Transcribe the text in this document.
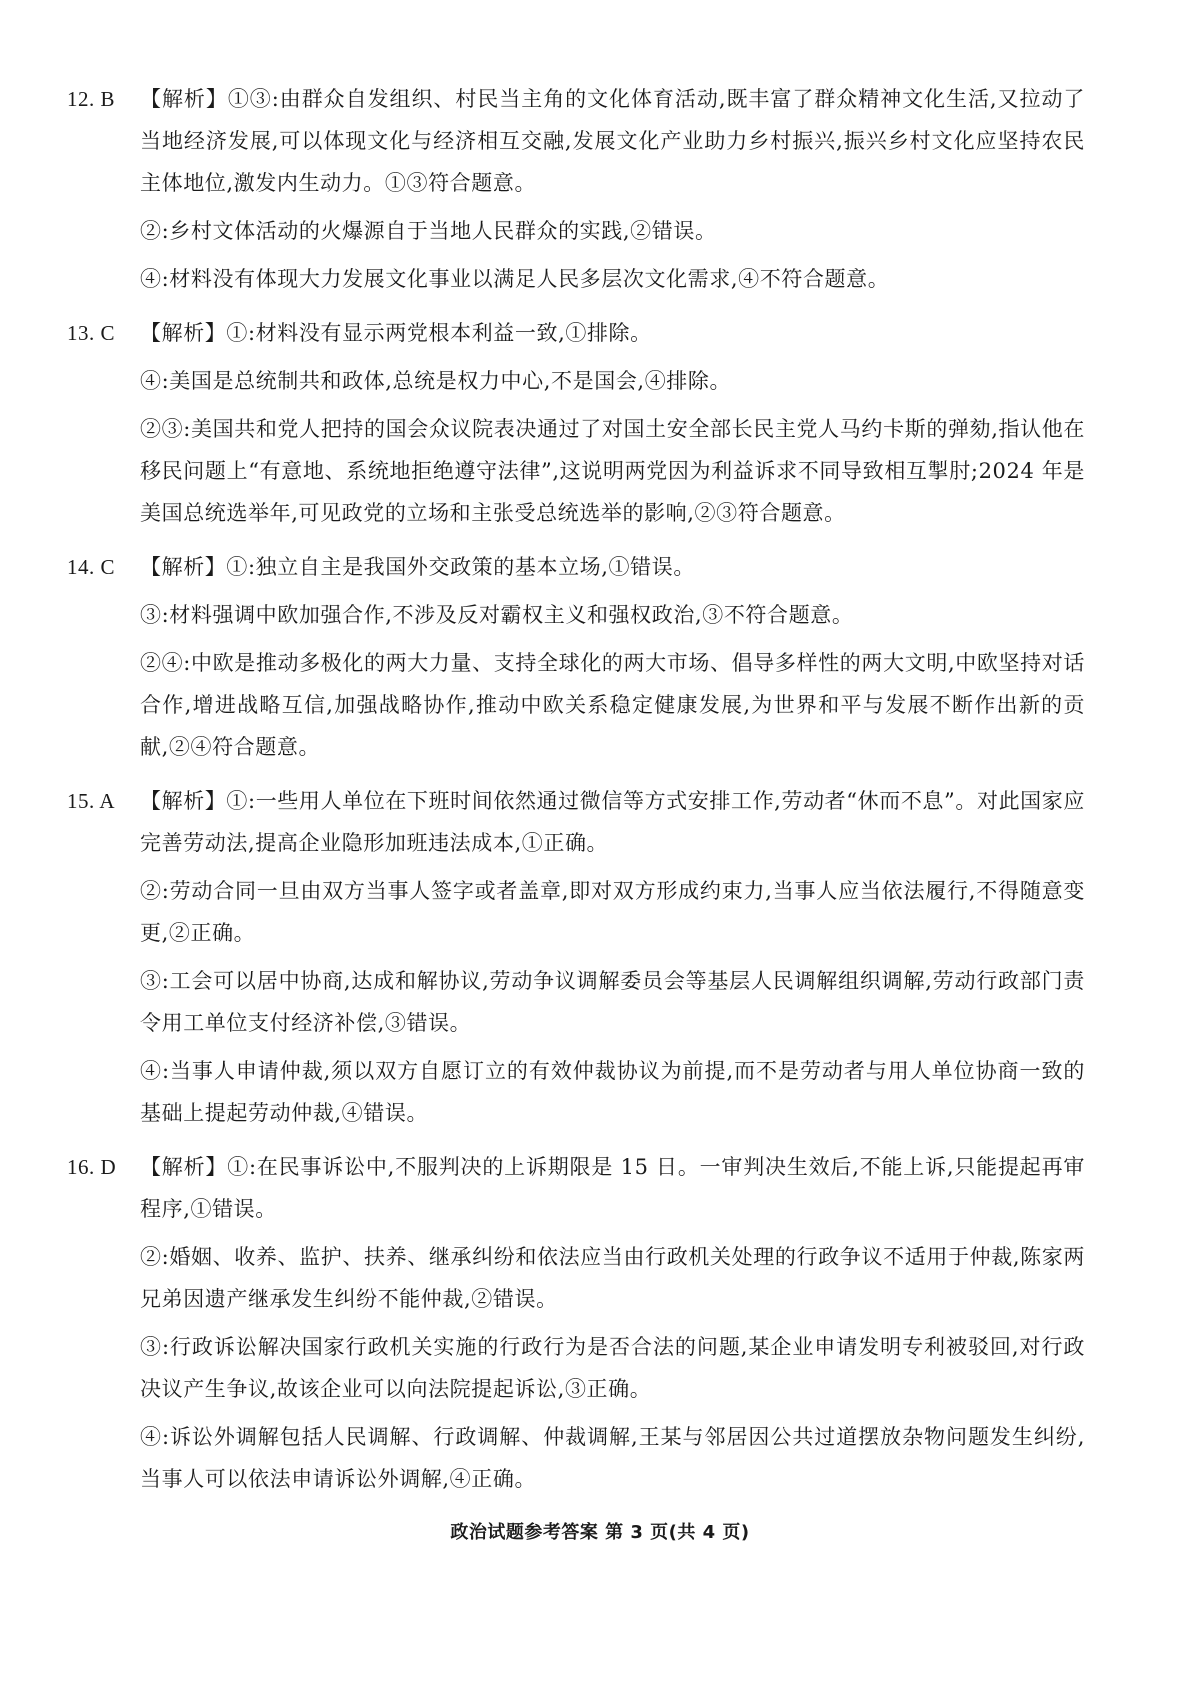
12. B	【解析】①③:由群众自发组织、村民当主角的文化体育活动,既丰富了群众精神文化生活,又拉动了当地经济发展,可以体现文化与经济相互交融,发展文化产业助力乡村振兴,振兴乡村文化应坚持农民主体地位,激发内生动力。①③符合题意。

②:乡村文体活动的火爆源自于当地人民群众的实践,②错误。

④:材料没有体现大力发展文化事业以满足人民多层次文化需求,④不符合题意。

13. C	【解析】①:材料没有显示两党根本利益一致,①排除。

④:美国是总统制共和政体,总统是权力中心,不是国会,④排除。

②③:美国共和党人把持的国会众议院表决通过了对国土安全部长民主党人马约卡斯的弹劾,指认他在移民问题上“有意地、系统地拒绝遵守法律”,这说明两党因为利益诉求不同导致相互掣肘;2024 年是美国总统选举年,可见政党的立场和主张受总统选举的影响,②③符合题意。

14. C	【解析】①:独立自主是我国外交政策的基本立场,①错误。

③:材料强调中欧加强合作,不涉及反对霸权主义和强权政治,③不符合题意。

②④:中欧是推动多极化的两大力量、支持全球化的两大市场、倡导多样性的两大文明,中欧坚持对话合作,增进战略互信,加强战略协作,推动中欧关系稳定健康发展,为世界和平与发展不断作出新的贡献,②④符合题意。

15. A	【解析】①:一些用人单位在下班时间依然通过微信等方式安排工作,劳动者“休而不息”。对此国家应完善劳动法,提高企业隐形加班违法成本,①正确。

②:劳动合同一旦由双方当事人签字或者盖章,即对双方形成约束力,当事人应当依法履行,不得随意变更,②正确。

③:工会可以居中协商,达成和解协议,劳动争议调解委员会等基层人民调解组织调解,劳动行政部门责令用工单位支付经济补偿,③错误。

④:当事人申请仲裁,须以双方自愿订立的有效仲裁协议为前提,而不是劳动者与用人单位协商一致的基础上提起劳动仲裁,④错误。

16. D	【解析】①:在民事诉讼中,不服判决的上诉期限是 15 日。一审判决生效后,不能上诉,只能提起再审程序,①错误。

②:婚姻、收养、监护、扶养、继承纠纷和依法应当由行政机关处理的行政争议不适用于仲裁,陈家两兄弟因遗产继承发生纠纷不能仲裁,②错误。

③:行政诉讼解决国家行政机关实施的行政行为是否合法的问题,某企业申请发明专利被驳回,对行政决议产生争议,故该企业可以向法院提起诉讼,③正确。

④:诉讼外调解包括人民调解、行政调解、仲裁调解,王某与邻居因公共过道摆放杂物问题发生纠纷,当事人可以依法申请诉讼外调解,④正确。

政治试题参考答案 第 3 页(共 4 页)
